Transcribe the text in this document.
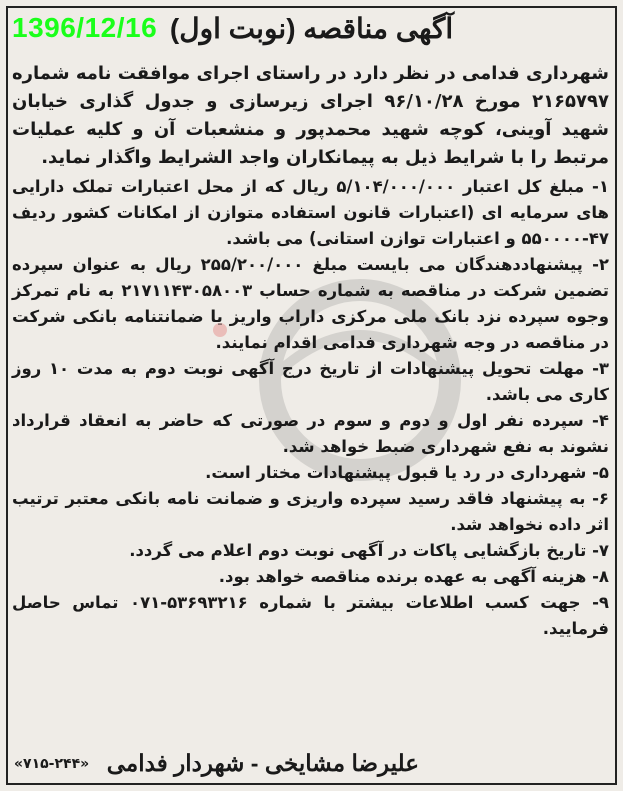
1396/12/16 آگهی مناقصه (نوبت اول)

شهرداری فدامی در نظر دارد در راستای اجرای موافقت نامه شماره ۲۱۶۵۷۹۷ مورخ ۹۶/۱۰/۲۸ اجرای زیرسازی و جدول گذاری خیابان شهید آوینی، کوچه شهید محمدپور و منشعبات آن و کلیه عملیات مرتبط را با شرایط ذیل به پیمانکاران واجد الشرایط واگذار نماید.

۱- مبلغ کل اعتبار ۵/۱۰۴/۰۰۰/۰۰۰ ریال که از محل اعتبارات تملک دارایی های سرمایه ای (اعتبارات قانون استفاده متوازن از امکانات کشور ردیف ۴۷-۵۵۰۰۰۰ و اعتبارات توازن استانی) می باشد.

۲- پیشنهاددهندگان می بایست مبلغ ۲۵۵/۲۰۰/۰۰۰ ریال به عنوان سپرده تضمین شرکت در مناقصه به شماره حساب ۲۱۷۱۱۴۳۰۵۸۰۰۳ به نام تمرکز وجوه سپرده نزد بانک ملی مرکزی داراب واریز یا ضمانتنامه بانکی شرکت در مناقصه در وجه شهرداری فدامی اقدام نمایند.

۳- مهلت تحویل پیشنهادات از تاریخ درج آگهی نوبت دوم به مدت ۱۰ روز کاری می باشد.

۴- سپرده نفر اول و دوم و سوم در صورتی که حاضر به انعقاد قرارداد نشوند به نفع شهرداری ضبط خواهد شد.

۵- شهرداری در رد یا قبول پیشنهادات مختار است.

۶- به پیشنهاد فاقد رسید سپرده واریزی و ضمانت نامه بانکی معتبر ترتیب اثر داده نخواهد شد.

۷- تاریخ بازگشایی پاکات در آگهی نوبت دوم اعلام می گردد.

۸- هزینه آگهی به عهده برنده مناقصه خواهد بود.

۹- جهت کسب اطلاعات بیشتر با شماره ۵۳۶۹۳۲۱۶-۰۷۱ تماس حاصل فرمایید.

علیرضا مشایخی - شهردار فدامی
«۷۱۵-۲۴۴»
